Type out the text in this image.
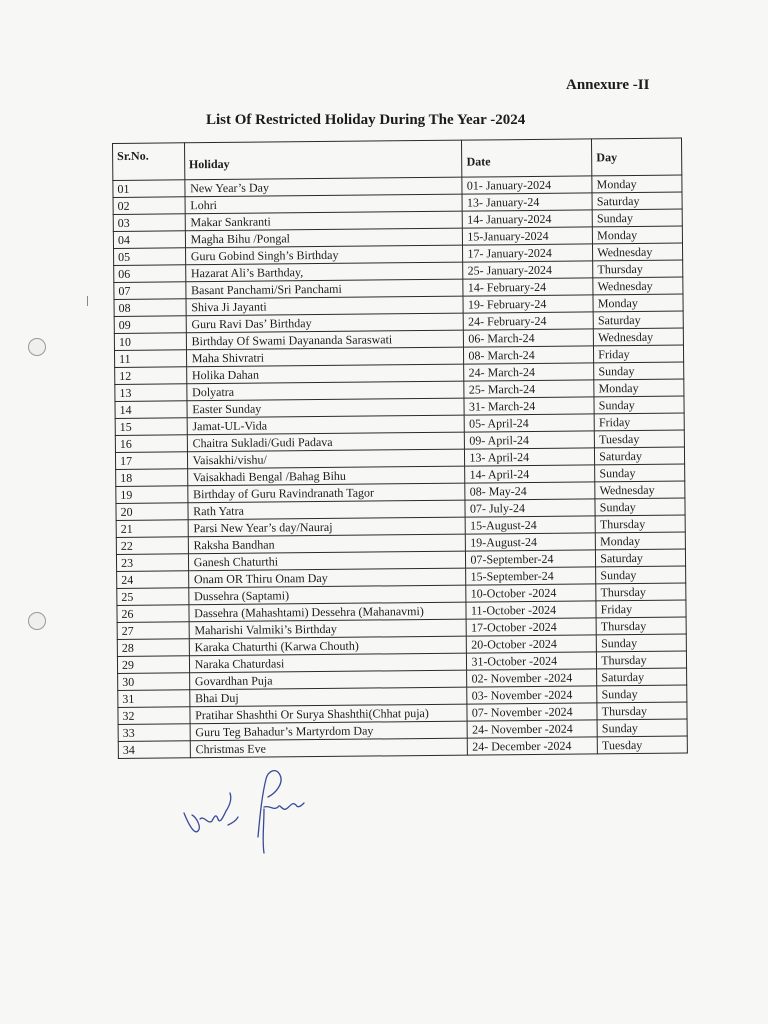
Annexure -II
List Of Restricted Holiday During The Year -2024
Sr.No.	Holiday	Date	Day
01	New Year’s Day	01- January-2024	Monday
02	Lohri	13- January-24	Saturday
03	Makar Sankranti	14- January-2024	Sunday
04	Magha Bihu /Pongal	15-January-2024	Monday
05	Guru Gobind Singh’s Birthday	17- January-2024	Wednesday
06	Hazarat Ali’s Barthday,	25- January-2024	Thursday
07	Basant Panchami/Sri Panchami	14- February-24	Wednesday
08	Shiva Ji Jayanti	19- February-24	Monday
09	Guru Ravi Das’ Birthday	24- February-24	Saturday
10	Birthday Of Swami Dayananda Saraswati	06- March-24	Wednesday
11	Maha Shivratri	08- March-24	Friday
12	Holika Dahan	24- March-24	Sunday
13	Dolyatra	25- March-24	Monday
14	Easter Sunday	31- March-24	Sunday
15	Jamat-UL-Vida	05- April-24	Friday
16	Chaitra Sukladi/Gudi Padava	09- April-24	Tuesday
17	Vaisakhi/vishu/	13- April-24	Saturday
18	Vaisakhadi Bengal /Bahag Bihu	14- April-24	Sunday
19	Birthday of Guru Ravindranath Tagor	08- May-24	Wednesday
20	Rath Yatra	07- July-24	Sunday
21	Parsi New Year’s day/Nauraj	15-August-24	Thursday
22	Raksha Bandhan	19-August-24	Monday
23	Ganesh Chaturthi	07-September-24	Saturday
24	Onam OR Thiru Onam Day	15-September-24	Sunday
25	Dussehra (Saptami)	10-October -2024	Thursday
26	Dassehra (Mahashtami) Dessehra (Mahanavmi)	11-October -2024	Friday
27	Maharishi Valmiki’s Birthday	17-October -2024	Thursday
28	Karaka Chaturthi (Karwa Chouth)	20-October -2024	Sunday
29	Naraka Chaturdasi	31-October -2024	Thursday
30	Govardhan Puja	02- November -2024	Saturday
31	Bhai Duj	03- November -2024	Sunday
32	Pratihar Shashthi Or Surya Shashthi(Chhat puja)	07- November -2024	Thursday
33	Guru Teg Bahadur’s Martyrdom Day	24- November -2024	Sunday
34	Christmas Eve	24- December -2024	Tuesday
